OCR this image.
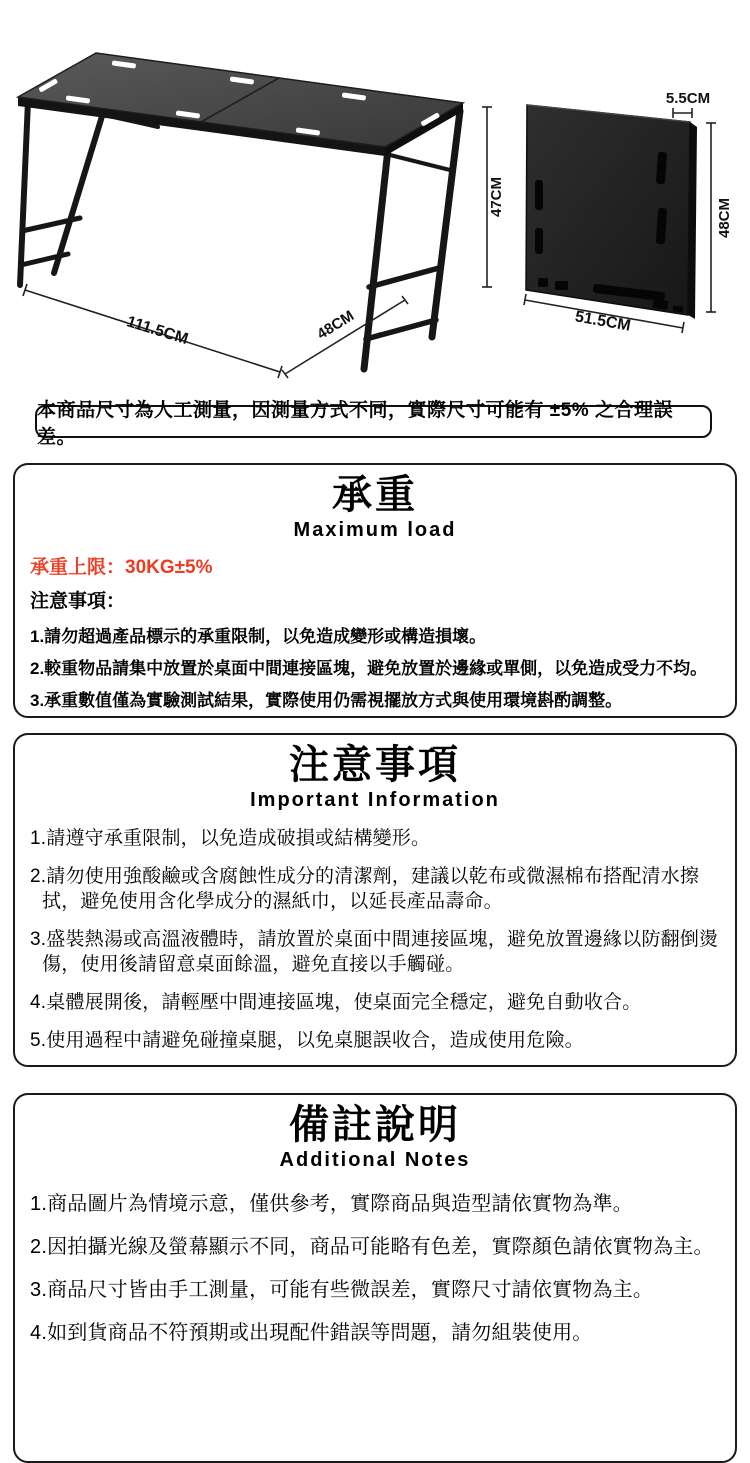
47CM
111.5CM	48CM
5.5CM
48CM
51.5CM
本商品尺寸為人工測量，因測量方式不同，實際尺寸可能有 ±5% 之合理誤差。
承重
Maximum load
承重上限：30KG±5%
注意事項：
1.請勿超過產品標示的承重限制，以免造成變形或構造損壞。
2.較重物品請集中放置於桌面中間連接區塊，避免放置於邊緣或單側，以免造成受力不均。
3.承重數值僅為實驗測試結果，實際使用仍需視擺放方式與使用環境斟酌調整。
注意事項
Important Information
1.請遵守承重限制，以免造成破損或結構變形。
2.請勿使用強酸鹼或含腐蝕性成分的清潔劑，建議以乾布或微濕棉布搭配清水擦拭，避免使用含化學成分的濕紙巾，以延長產品壽命。
3.盛裝熱湯或高溫液體時，請放置於桌面中間連接區塊，避免放置邊緣以防翻倒燙傷，使用後請留意桌面餘溫，避免直接以手觸碰。
4.桌體展開後，請輕壓中間連接區塊，使桌面完全穩定，避免自動收合。
5.使用過程中請避免碰撞桌腿，以免桌腿誤收合，造成使用危險。
備註說明
Additional Notes
1.商品圖片為情境示意，僅供參考，實際商品與造型請依實物為準。
2.因拍攝光線及螢幕顯示不同，商品可能略有色差，實際顏色請依實物為主。
3.商品尺寸皆由手工測量，可能有些微誤差，實際尺寸請依實物為主。
4.如到貨商品不符預期或出現配件錯誤等問題，請勿組裝使用。
